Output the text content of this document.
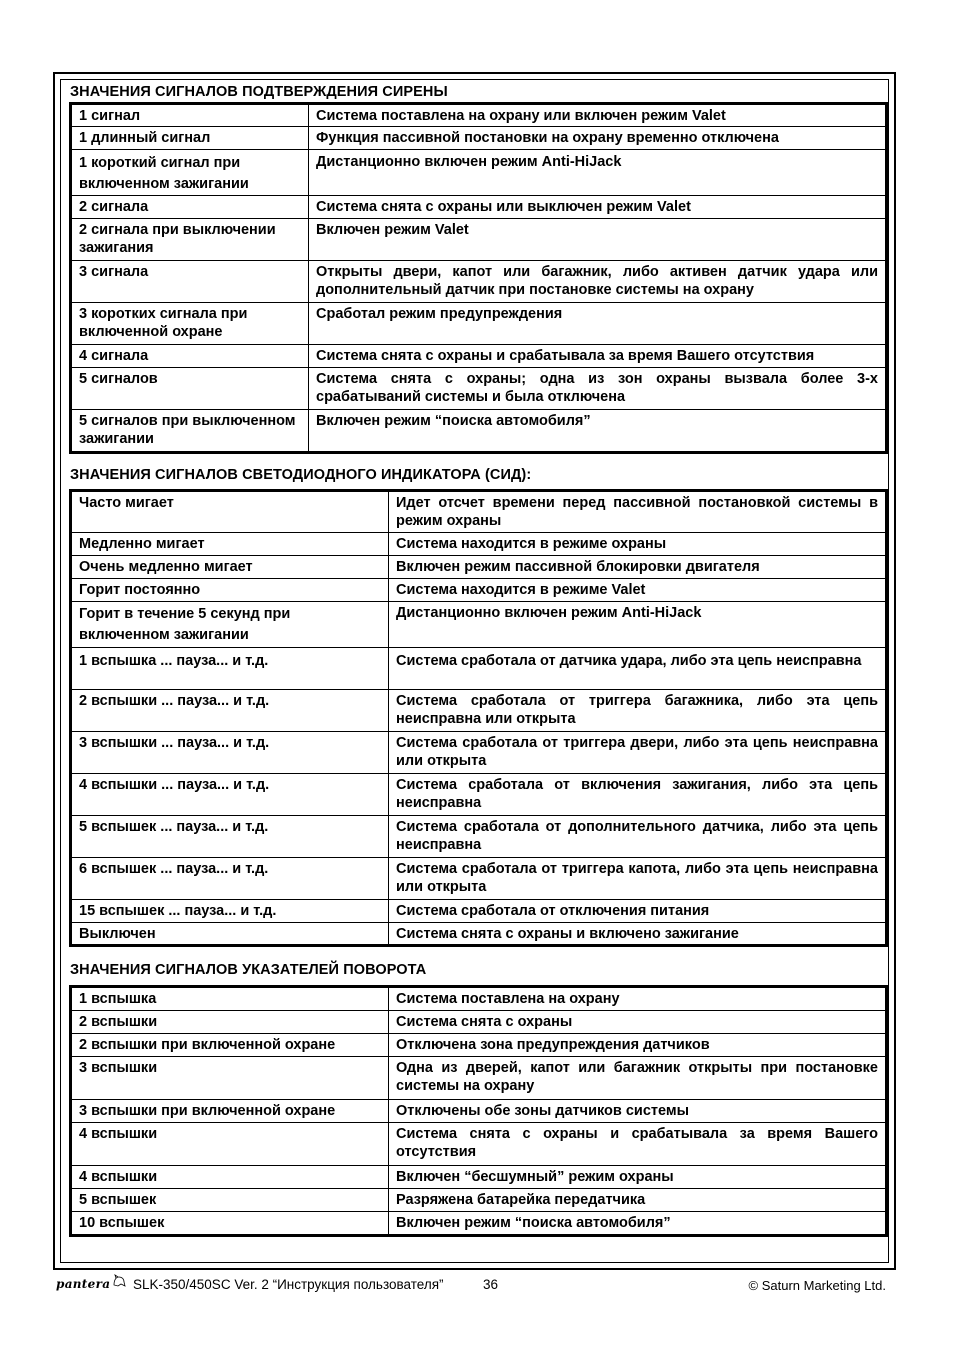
ЗНАЧЕНИЯ СИГНАЛОВ ПОДТВЕРЖДЕНИЯ СИРЕНЫ
1 сигнал	Система поставлена на охрану или включен режим Valet
1 длинный сигнал	Функция пассивной постановки на охрану временно отключена
1 короткий сигнал при включенном зажигании	Дистанционно включен режим Anti-HiJack
2 сигнала	Система снята с охраны или выключен режим Valet
2 сигнала при выключении зажигания	Включен режим Valet
3 сигнала	Открыты двери, капот или багажник, либо активен датчик удара или дополнительный датчик при постановке системы на охрану
3 коротких сигнала при включенной охране	Сработал режим предупреждения
4 сигнала	Система снята с охраны и срабатывала за время Вашего отсутствия
5 сигналов	Система снята с охраны; одна из зон охраны вызвала более 3-х срабатываний системы и была отключена
5 сигналов при выключенном зажигании	Включен режим “поиска автомобиля”
ЗНАЧЕНИЯ СИГНАЛОВ СВЕТОДИОДНОГО ИНДИКАТОРА (СИД):
Часто мигает	Идет отсчет времени перед пассивной постановкой системы в режим охраны
Медленно мигает	Система находится в режиме охраны
Очень медленно мигает	Включен режим пассивной блокировки двигателя
Горит постоянно	Система находится в режиме Valet
Горит в течение 5 секунд при включенном зажигании	Дистанционно включен режим Anti-HiJack
1 вспышка ... пауза... и т.д.	Система сработала от датчика удара, либо эта цепь неисправна
2 вспышки ... пауза... и т.д.	Система сработала от триггера багажника, либо эта цепь неисправна или открыта
3 вспышки ... пауза... и т.д.	Система сработала от триггера двери, либо эта цепь неисправна или открыта
4 вспышки ... пауза... и т.д.	Система сработала от включения зажигания, либо эта цепь неисправна
5 вспышек ... пауза... и т.д.	Система сработала от дополнительного датчика, либо эта цепь неисправна
6 вспышек ... пауза... и т.д.	Система сработала от триггера капота, либо эта цепь неисправна или открыта
15 вспышек ... пауза... и т.д.	Система сработала от отключения питания
Выключен	Система снята с охраны и включено зажигание
ЗНАЧЕНИЯ СИГНАЛОВ УКАЗАТЕЛЕЙ ПОВОРОТА
1 вспышка	Система поставлена на охрану
2 вспышки	Система снята с охраны
2 вспышки при включенной охране	Отключена зона предупреждения датчиков
3 вспышки	Одна из дверей, капот или багажник открыты при постановке системы на охрану
3 вспышки при включенной охране	Отключены обе зоны датчиков системы
4 вспышки	Система снята с охраны и срабатывала за время Вашего отсутствия
4 вспышки	Включен “бесшумный” режим охраны
5 вспышек	Разряжена батарейка передатчика
10 вспышек	Включен режим “поиска автомобиля”
pantera SLK-350/450SC Ver. 2 “Инструкция пользователя”	36	© Saturn Marketing Ltd.
